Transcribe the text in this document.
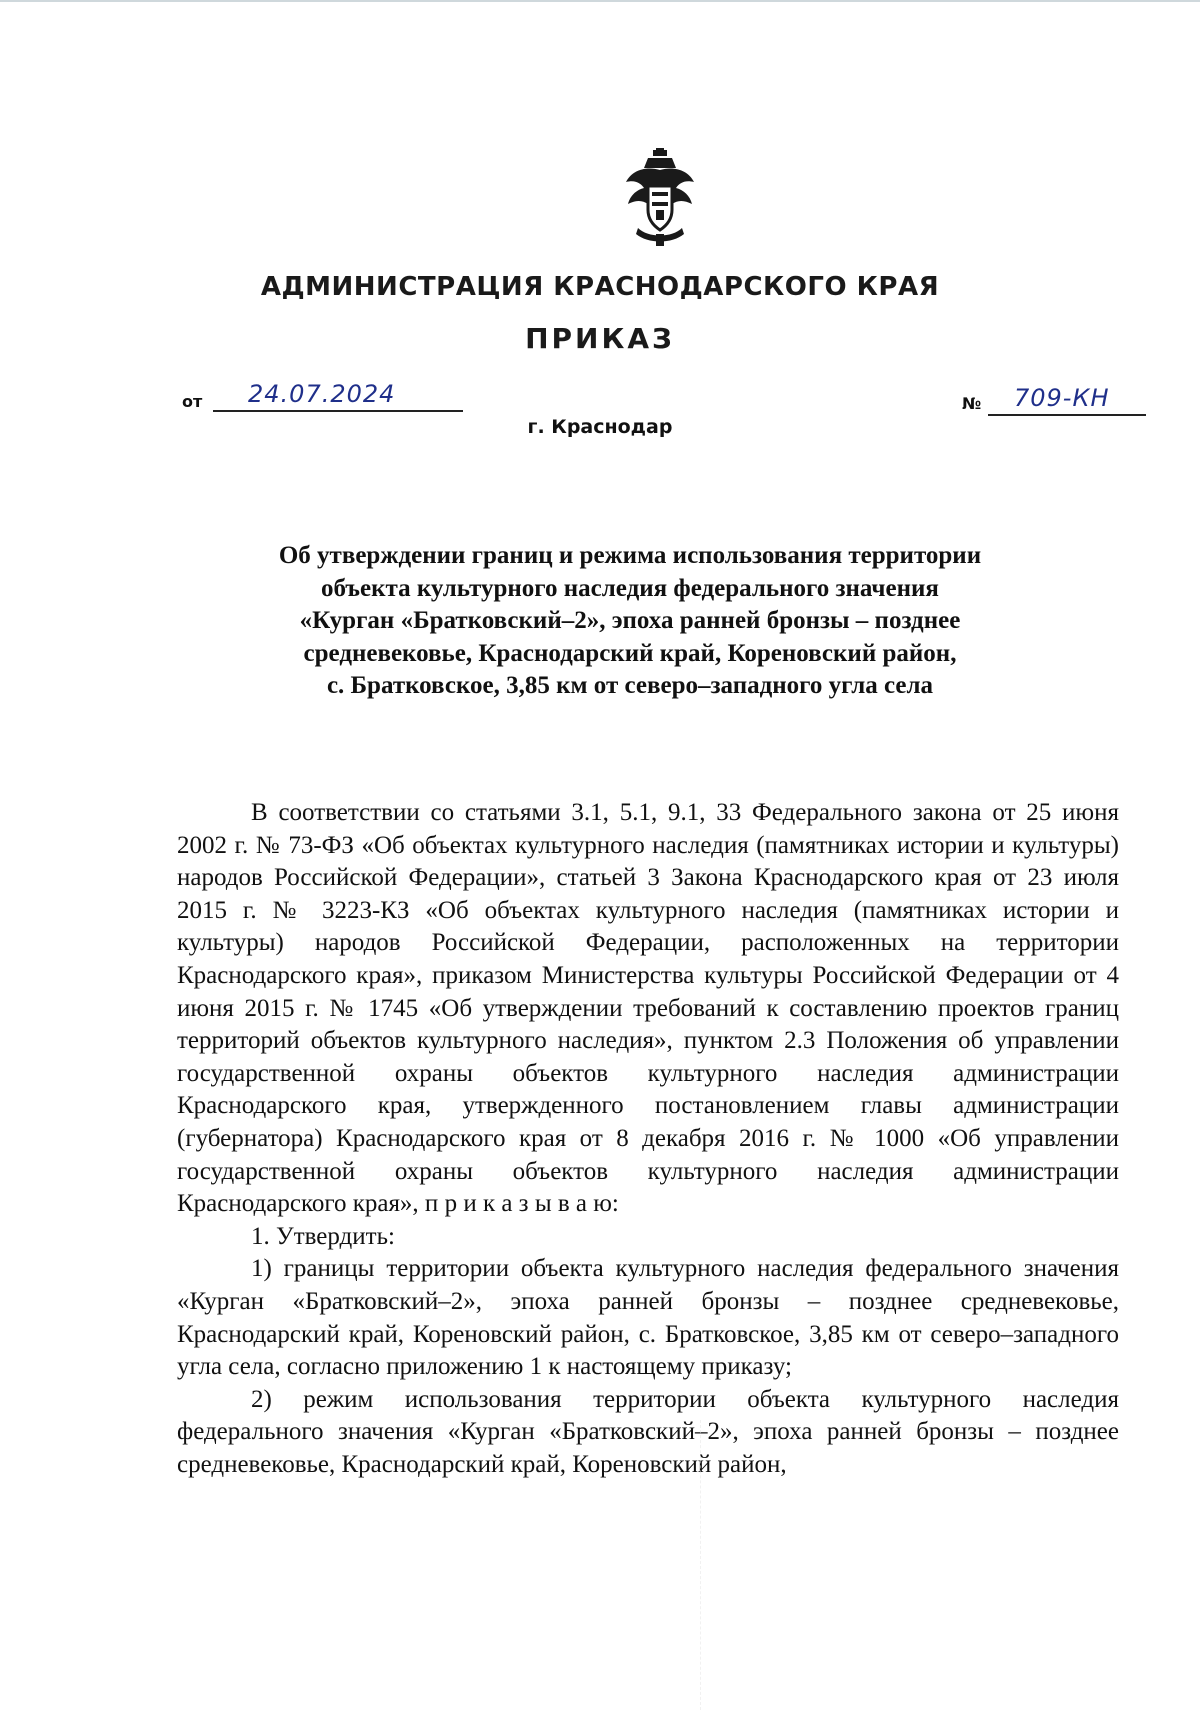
АДМИНИСТРАЦИЯ КРАСНОДАРСКОГО КРАЯ
ПРИКАЗ
от 24.07.2024	№ 709-КН
г. Краснодар
Об утверждении границ и режима использования территории
объекта культурного наследия федерального значения
«Курган «Братковский–2», эпоха ранней бронзы – позднее
средневековье, Краснодарский край, Кореновский район,
с. Братковское, 3,85 км от северо–западного угла села

В соответствии со статьями 3.1, 5.1, 9.1, 33 Федерального закона от 25 июня 2002 г. № 73-ФЗ «Об объектах культурного наследия (памятниках истории и культуры) народов Российской Федерации», статьей 3 Закона Краснодарского края от 23 июля 2015 г. № 3223-КЗ «Об объектах культурного наследия (памятниках истории и культуры) народов Российской Федерации, расположенных на территории Краснодарского края», приказом Министерства культуры Российской Федерации от 4 июня 2015 г. № 1745 «Об утверждении требований к составлению проектов границ территорий объектов культурного наследия», пунктом 2.3 Положения об управлении государственной охраны объектов культурного наследия администрации Краснодарского края, утвержденного постановлением главы администрации (губернатора) Краснодарского края от 8 декабря 2016 г. № 1000 «Об управлении государственной охраны объектов культурного наследия администрации Краснодарского края», п р и к а з ы в а ю:

1. Утвердить:

1) границы территории объекта культурного наследия федерального значения «Курган «Братковский–2», эпоха ранней бронзы – позднее средневековье, Краснодарский край, Кореновский район, с. Братковское, 3,85 км от северо–западного угла села, согласно приложению 1 к настоящему приказу;

2) режим использования территории объекта культурного наследия федерального значения «Курган «Братковский–2», эпоха ранней бронзы – позднее средневековье, Краснодарский край, Кореновский район,
